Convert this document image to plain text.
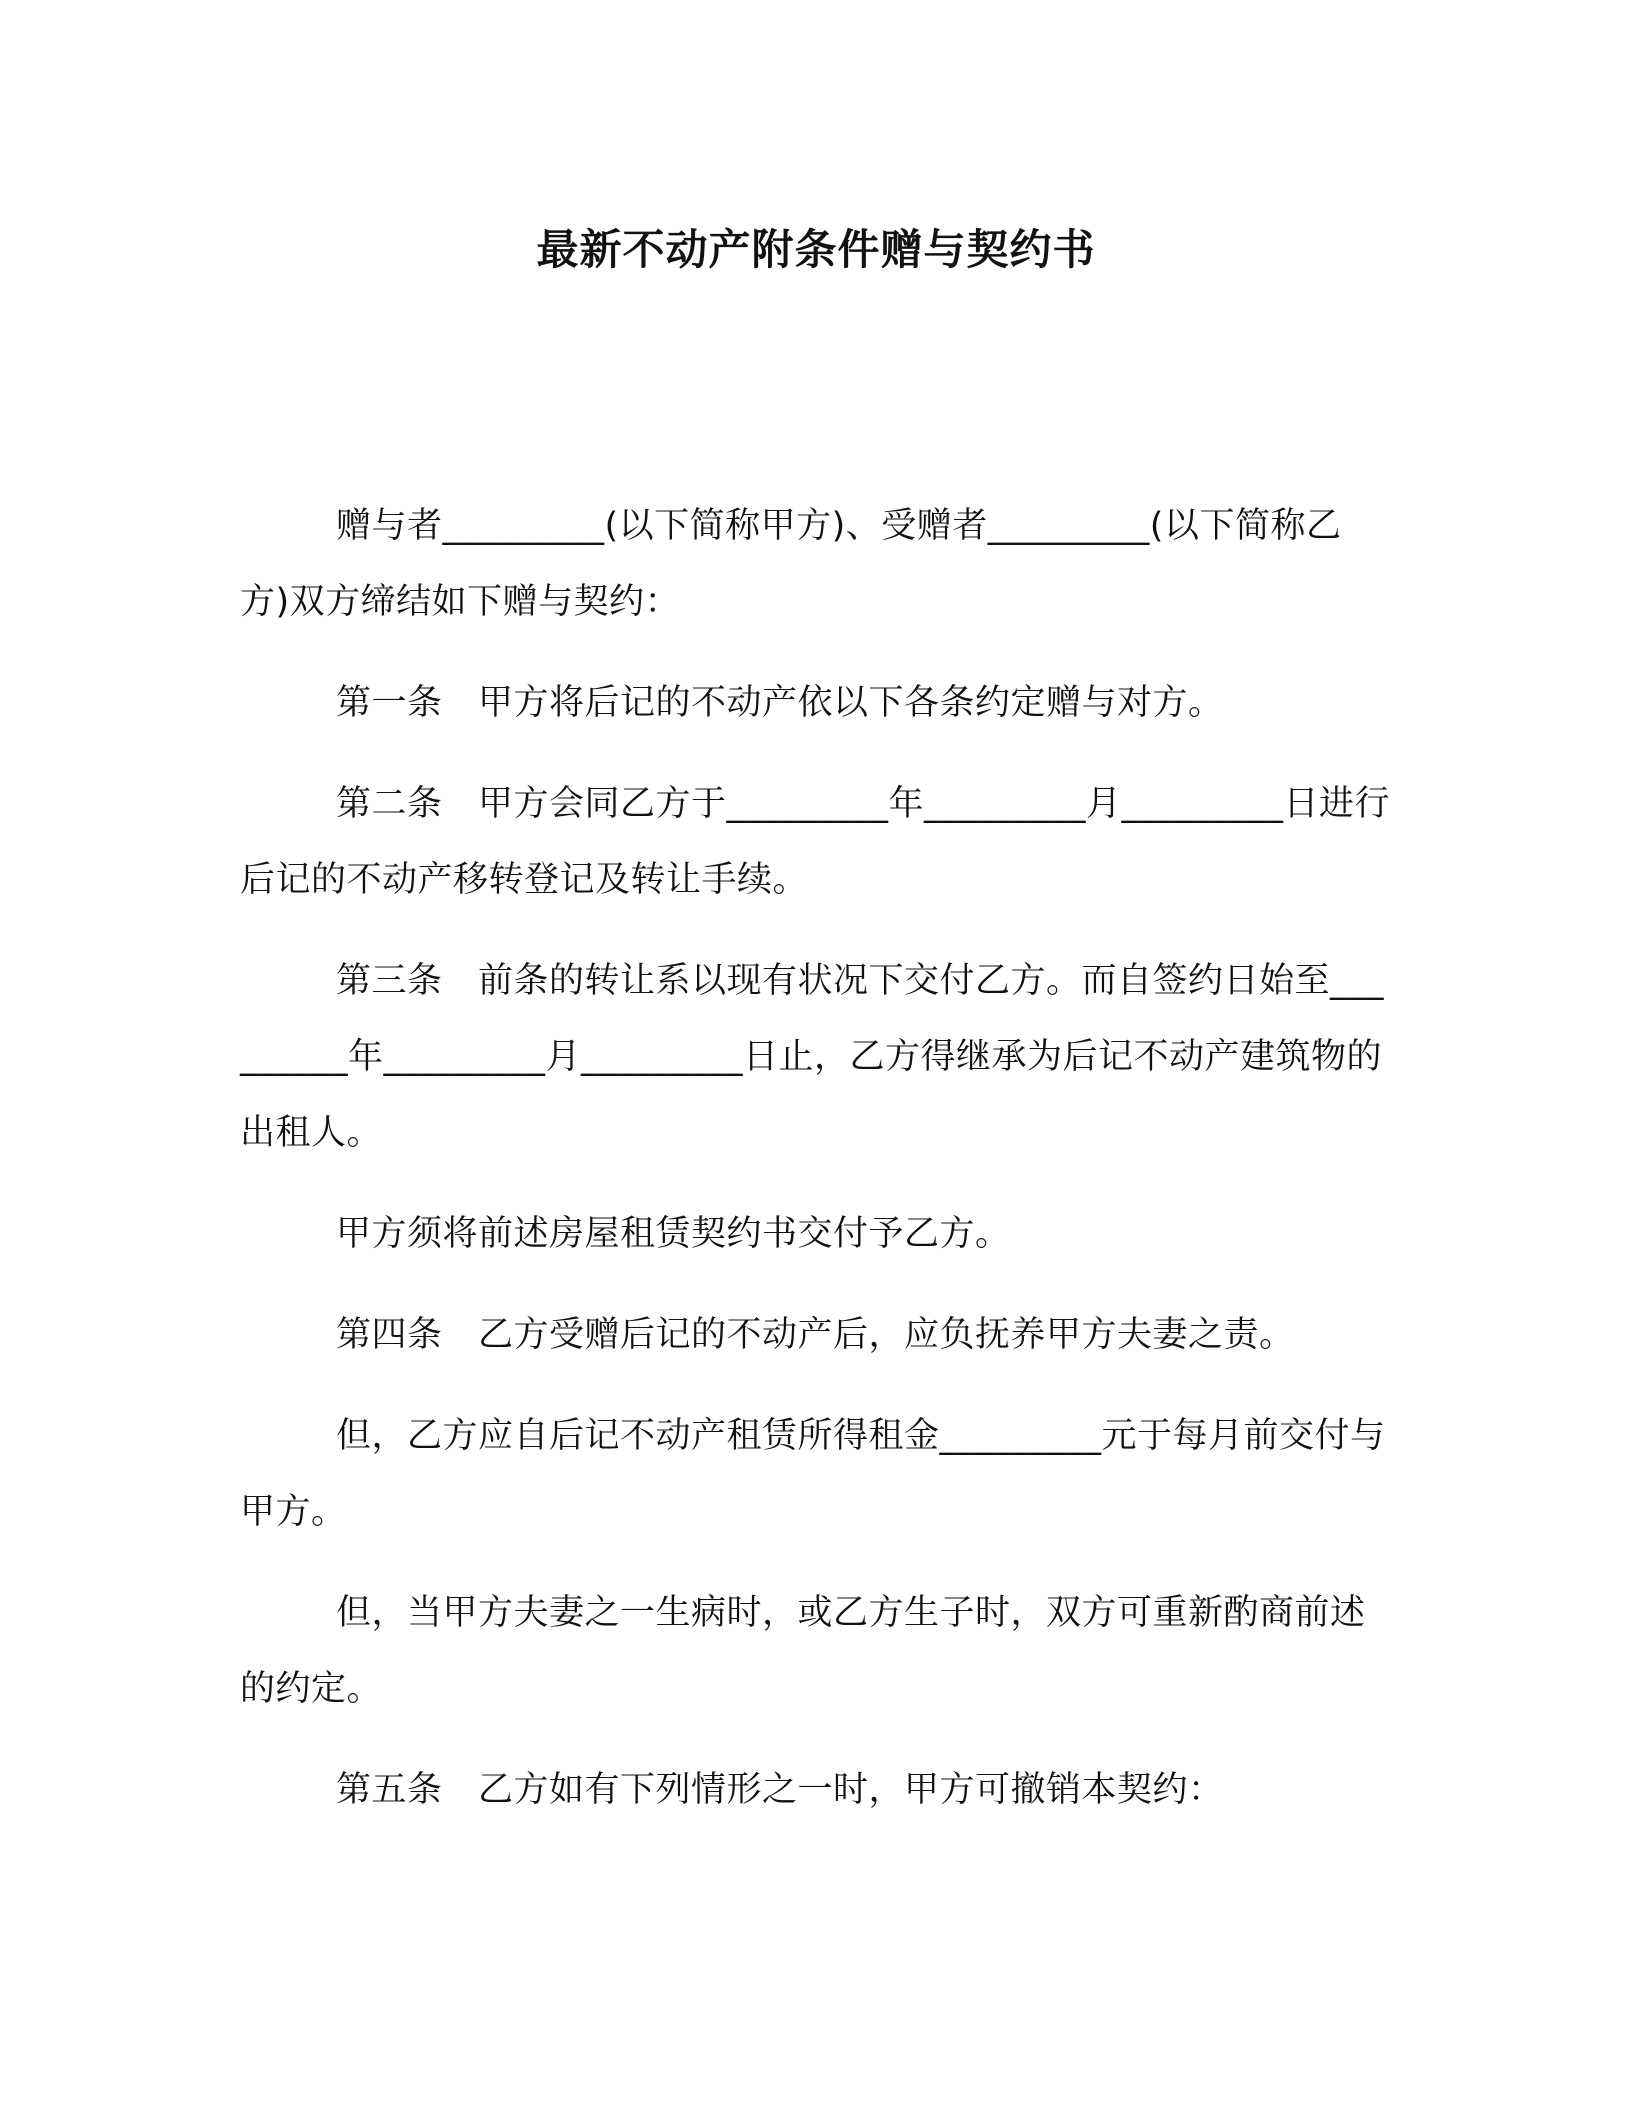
最新不动产附条件赠与契约书

赠与者_________(以下简称甲方)、受赠者_________(以下简称乙方)双方缔结如下赠与契约：

第一条　甲方将后记的不动产依以下各条约定赠与对方。

第二条　甲方会同乙方于_________年_________月_________日进行后记的不动产移转登记及转让手续。

第三条　前条的转让系以现有状况下交付乙方。而自签约日始至_________年_________月_________日止，乙方得继承为后记不动产建筑物的出租人。

甲方须将前述房屋租赁契约书交付予乙方。

第四条　乙方受赠后记的不动产后，应负抚养甲方夫妻之责。

但，乙方应自后记不动产租赁所得租金_________元于每月前交付与甲方。

但，当甲方夫妻之一生病时，或乙方生子时，双方可重新酌商前述的约定。

第五条　乙方如有下列情形之一时，甲方可撤销本契约：
